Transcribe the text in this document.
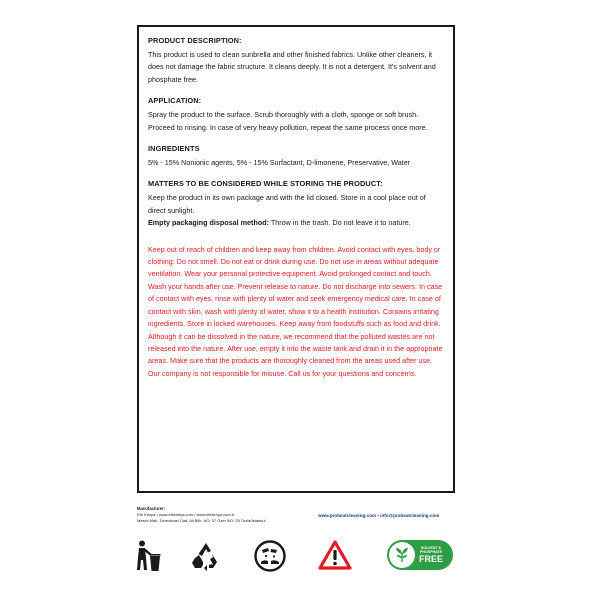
PRODUCT DESCRIPTION:

This product is used to clean sunbrella and other finished fabrics. Unlike other cleaners, it does not damage the fabric structure. It cleans deeply. It is not a detergent. It's solvent and phosphate free.

APPLICATION:

Spray the product to the surface. Scrub thoroughly with a cloth, sponge or soft brush. Proceed to rinsing. In case of very heavy pollution, repeat the same process once more.

INGREDIENTS

5% - 15% Nonionic agents, 5% - 15% Surfactant, D-limonene, Preservative, Water

MATTERS TO BE CONSIDERED WHILE STORING THE PRODUCT:

Keep the product in its own package and with the lid closed. Store in a cool place out of direct sunlight.

Empty packaging disposal method: Throw in the trash. Do not leave it to nature.

Keep out of reach of children and keep away from children. Avoid contact with eyes, body or clothing. Do not smell. Do not eat or drink during use. Do not use in areas without adequate ventilation. Wear your personal protective equipment. Avoid prolonged contact and touch. Wash your hands after use. Prevent release to nature. Do not discharge into sewers. In case of contact with eyes, rinse with plenty of water and seek emergency medical care. In case of contact with skin, wash with plenty of water, show it to a health institution. Contains irritating ingredients. Store in locked warehouses. Keep away from foodstuffs such as food and drink. Although it can be dissolved in the nature, we recommend that the polluted wastes are not released into the nature. After use, empty it into the waste tank and drain it in the appropriate areas. Make sure that the products are thoroughly cleaned from the areas used after use. Our company is not responsible for misuse. Call us for your questions and concerns.

Manufacturer:
Efe Kimya • www.efekimya.com / www.efekimya.com.tr
Mescit Mah. Demokrasi Cad. Ali Bilir. NO: 37 Özer NO: 28 Tuzla/İstanbul
www.probeatcleaning.com • info@probeatcleaning.com
SOLVENT &
PHOSPHATE
FREE
